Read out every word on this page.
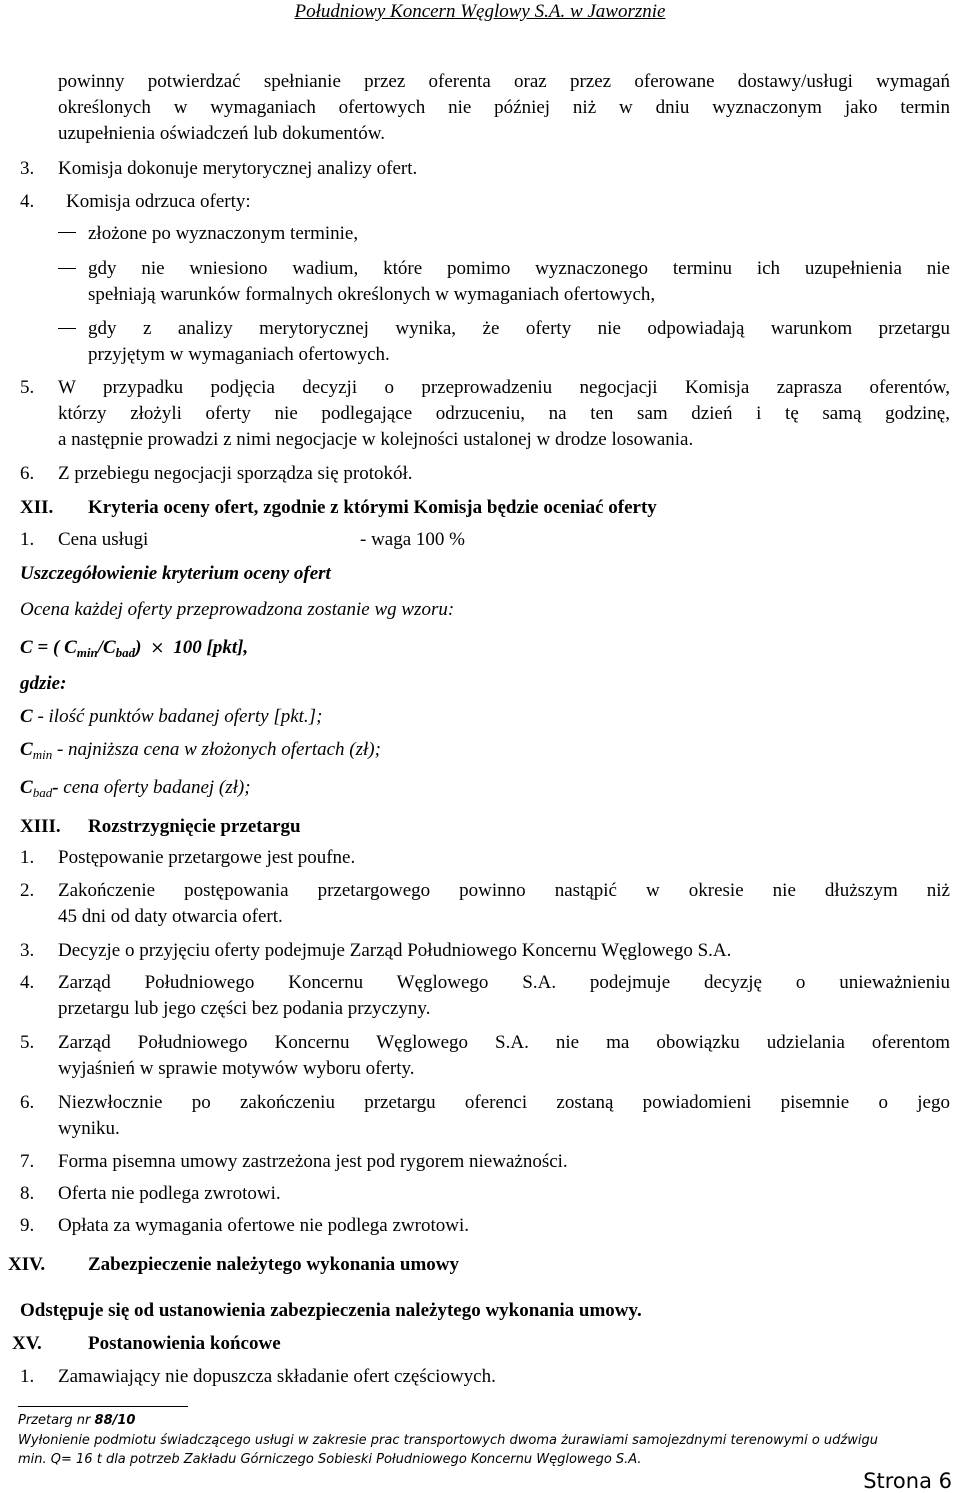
Południowy Koncern Węglowy S.A. w Jaworznie
powinny potwierdzać spełnianie przez oferenta oraz przez oferowane dostawy/usługi wymagań
określonych w wymaganiach ofertowych nie później niż w dniu wyznaczonym jako termin
uzupełnienia oświadczeń lub dokumentów.
3. Komisja dokonuje merytorycznej analizy ofert.
4. Komisja odrzuca oferty:
złożone po wyznaczonym terminie,
gdy nie wniesiono wadium, które pomimo wyznaczonego terminu ich uzupełnienia nie
spełniają warunków formalnych określonych w wymaganiach ofertowych,
gdy z analizy merytorycznej wynika, że oferty nie odpowiadają warunkom przetargu
przyjętym w wymaganiach ofertowych.
5. W przypadku podjęcia decyzji o przeprowadzeniu negocjacji Komisja zaprasza oferentów,
którzy złożyli oferty nie podlegające odrzuceniu, na ten sam dzień i tę samą godzinę,
a następnie prowadzi z nimi negocjacje w kolejności ustalonej w drodze losowania.
6. Z przebiegu negocjacji sporządza się protokół.
XII. Kryteria oceny ofert, zgodnie z którymi Komisja będzie oceniać oferty
1. Cena usługi	- waga 100 %
Uszczegółowienie kryterium oceny ofert
Ocena każdej oferty przeprowadzona zostanie wg wzoru:
C = ( $C_{min}/C_{bad}) \times 100$ [pkt],
gdzie:
C - ilość punktów badanej oferty [pkt.];
$C_{min}$ - najniższa cena w złożonych ofertach (zł);
$C_{bad}-$ cena oferty badanej (zł);
XIII. Rozstrzygnięcie przetargu
1. Postępowanie przetargowe jest poufne.
2. Zakończenie postępowania przetargowego powinno nastąpić w okresie nie dłuższym niż
45 dni od daty otwarcia ofert.
3. Decyzje o przyjęciu oferty podejmuje Zarząd Południowego Koncernu Węglowego S.A.
4. Zarząd Południowego Koncernu Węglowego S.A. podejmuje decyzję o unieważnieniu
przetargu lub jego części bez podania przyczyny.
5. Zarząd Południowego Koncernu Węglowego S.A. nie ma obowiązku udzielania oferentom
wyjaśnień w sprawie motywów wyboru oferty.
6. Niezwłocznie po zakończeniu przetargu oferenci zostaną powiadomieni pisemnie o jego
wyniku.
7. Forma pisemna umowy zastrzeżona jest pod rygorem nieważności.
8. Oferta nie podlega zwrotowi.
9. Opłata za wymagania ofertowe nie podlega zwrotowi.
XIV. Zabezpieczenie należytego wykonania umowy
Odstępuje się od ustanowienia zabezpieczenia należytego wykonania umowy.
XV. Postanowienia końcowe
1. Zamawiający nie dopuszcza składanie ofert częściowych.
Przetarg nr 88/10
Wyłonienie podmiotu świadczącego usługi w zakresie prac transportowych dwoma żurawiami samojezdnymi terenowymi o udźwigu
min. Q= 16 t dla potrzeb Zakładu Górniczego Sobieski Południowego Koncernu Węglowego S.A.
Strona 6
